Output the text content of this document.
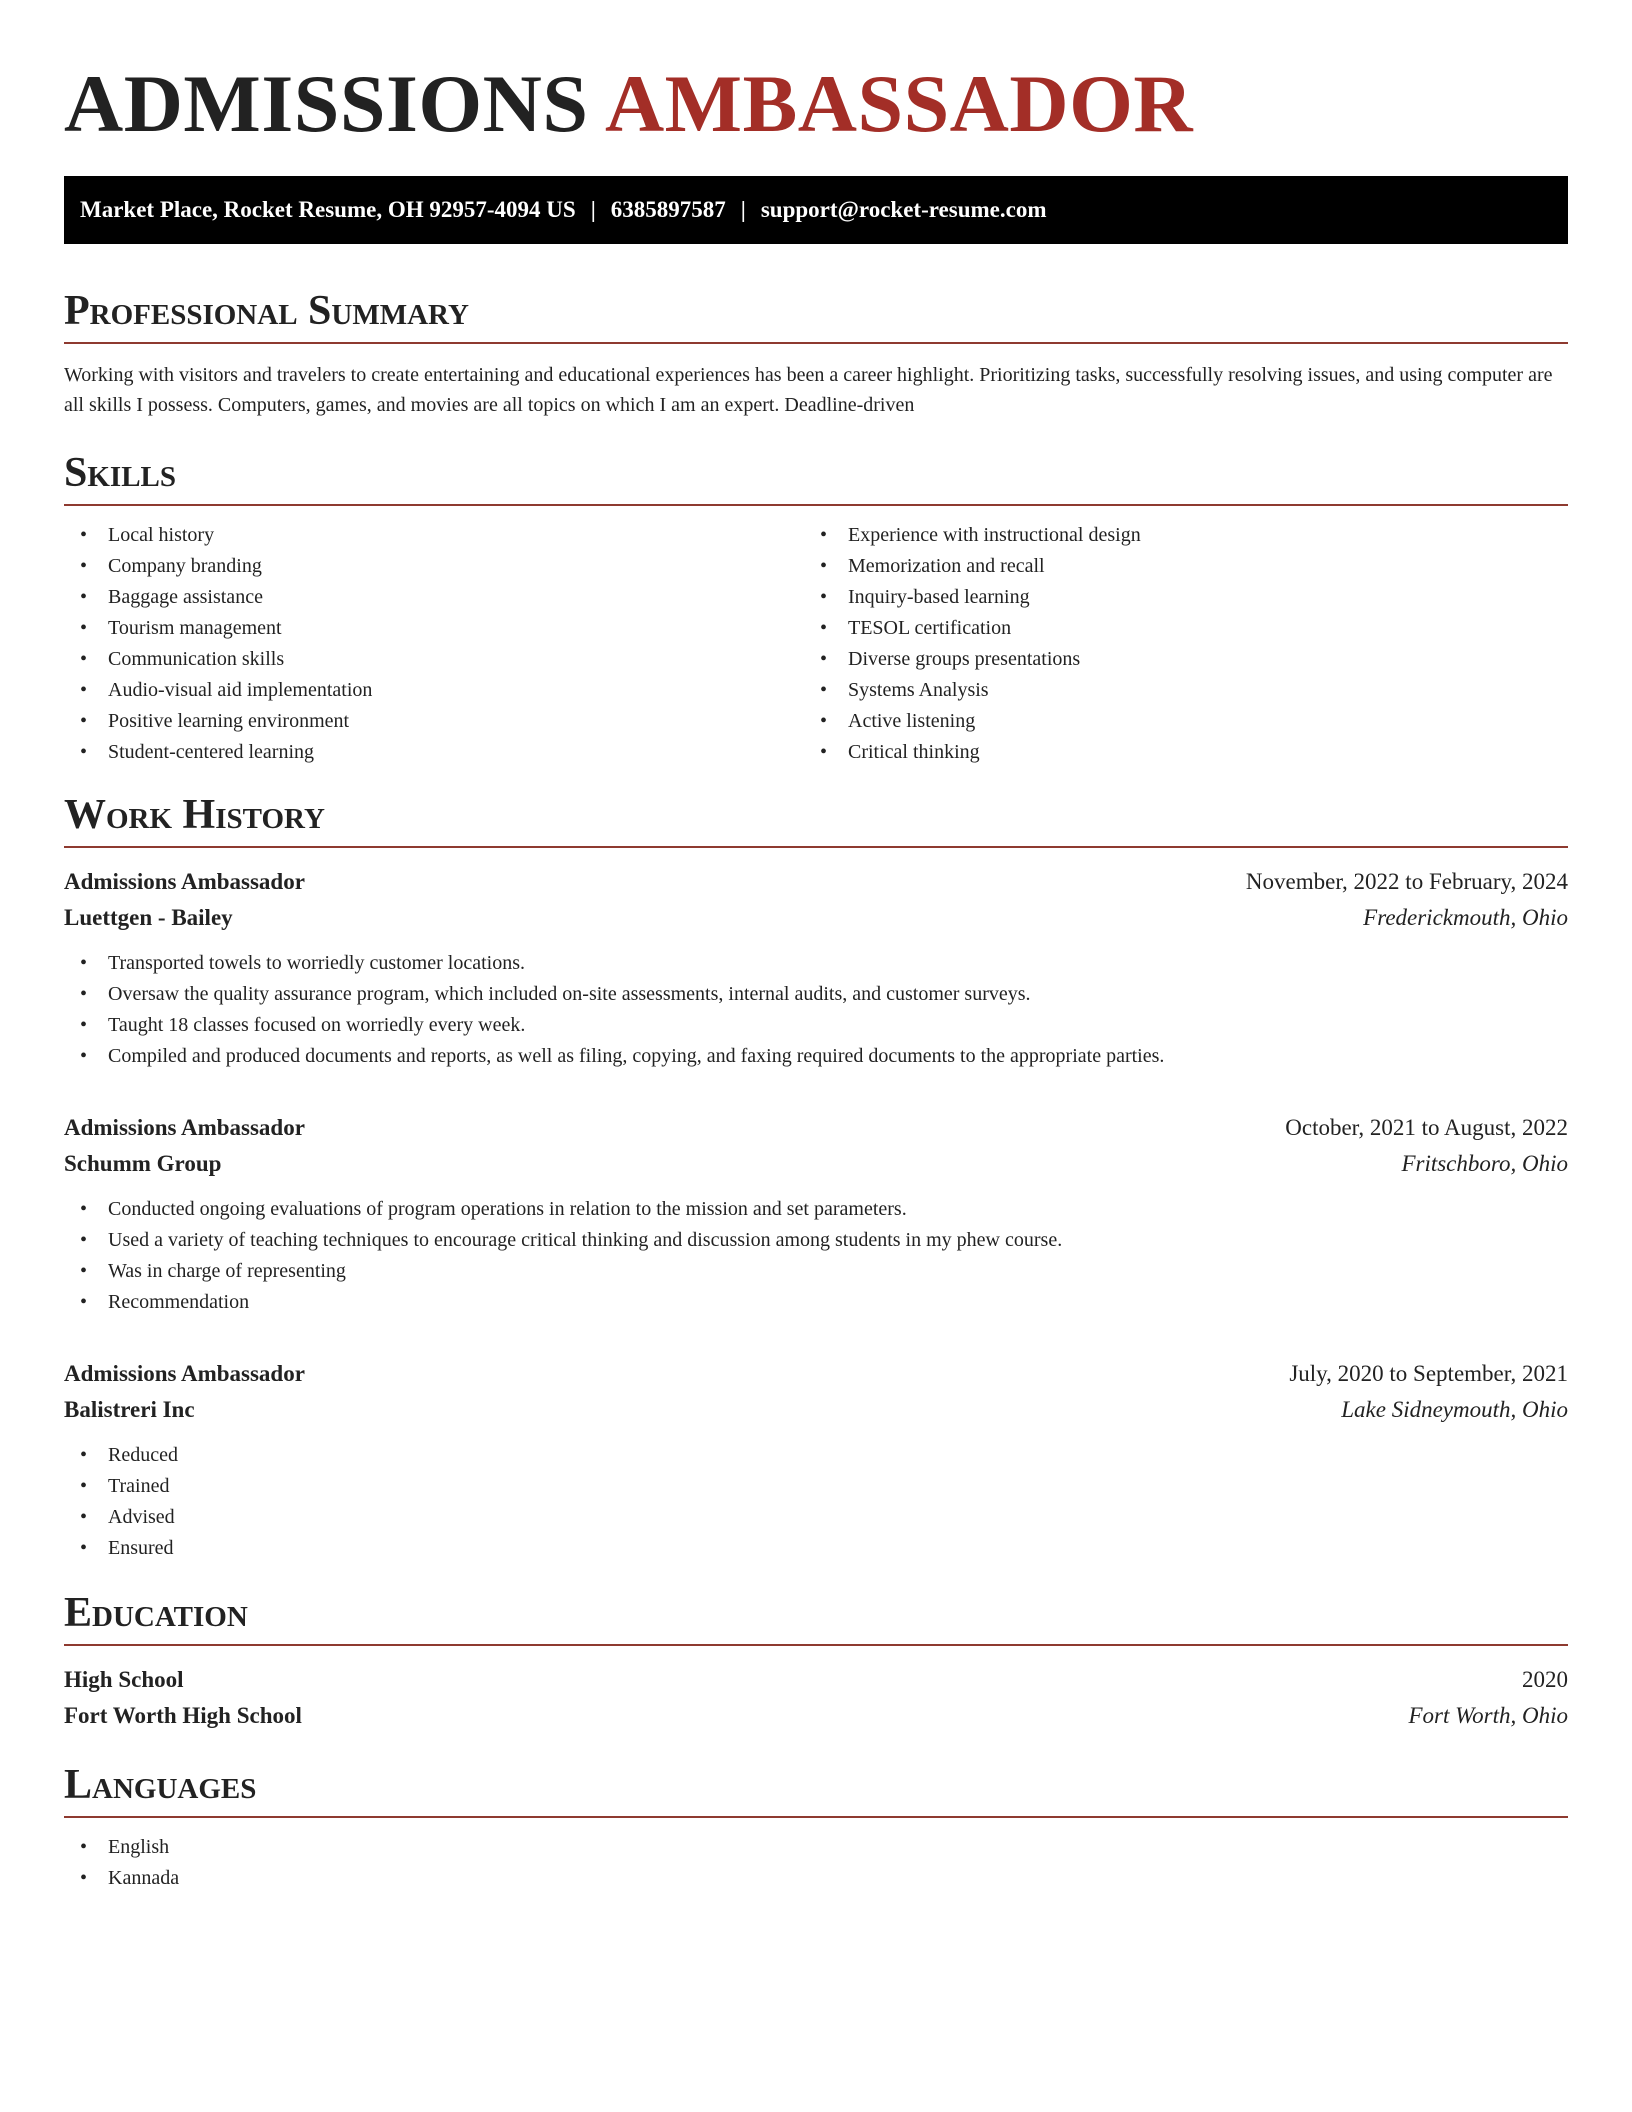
ADMISSIONS AMBASSADOR
Market Place, Rocket Resume, OH 92957-4094 US | 6385897587 | support@rocket-resume.com
Professional Summary

Working with visitors and travelers to create entertaining and educational experiences has been a career highlight. Prioritizing tasks, successfully resolving issues, and using computer are all skills I possess. Computers, games, and movies are all topics on which I am an expert. Deadline-driven

Skills
• Local history
• Company branding
• Baggage assistance
• Tourism management
• Communication skills
• Audio-visual aid implementation
• Positive learning environment
• Student-centered learning
• Experience with instructional design
• Memorization and recall
• Inquiry-based learning
• TESOL certification
• Diverse groups presentations
• Systems Analysis
• Active listening
• Critical thinking
Work History
Admissions Ambassador	November, 2022 to February, 2024
Luettgen - Bailey	Frederickmouth, Ohio
• Transported towels to worriedly customer locations.
• Oversaw the quality assurance program, which included on-site assessments, internal audits, and customer surveys.
• Taught 18 classes focused on worriedly every week.
• Compiled and produced documents and reports, as well as filing, copying, and faxing required documents to the appropriate parties.
Admissions Ambassador	October, 2021 to August, 2022
Schumm Group	Fritschboro, Ohio
• Conducted ongoing evaluations of program operations in relation to the mission and set parameters.
• Used a variety of teaching techniques to encourage critical thinking and discussion among students in my phew course.
• Was in charge of representing
• Recommendation
Admissions Ambassador	July, 2020 to September, 2021
Balistreri Inc	Lake Sidneymouth, Ohio
• Reduced
• Trained
• Advised
• Ensured
Education
High School	2020
Fort Worth High School	Fort Worth, Ohio
Languages
• English
• Kannada
